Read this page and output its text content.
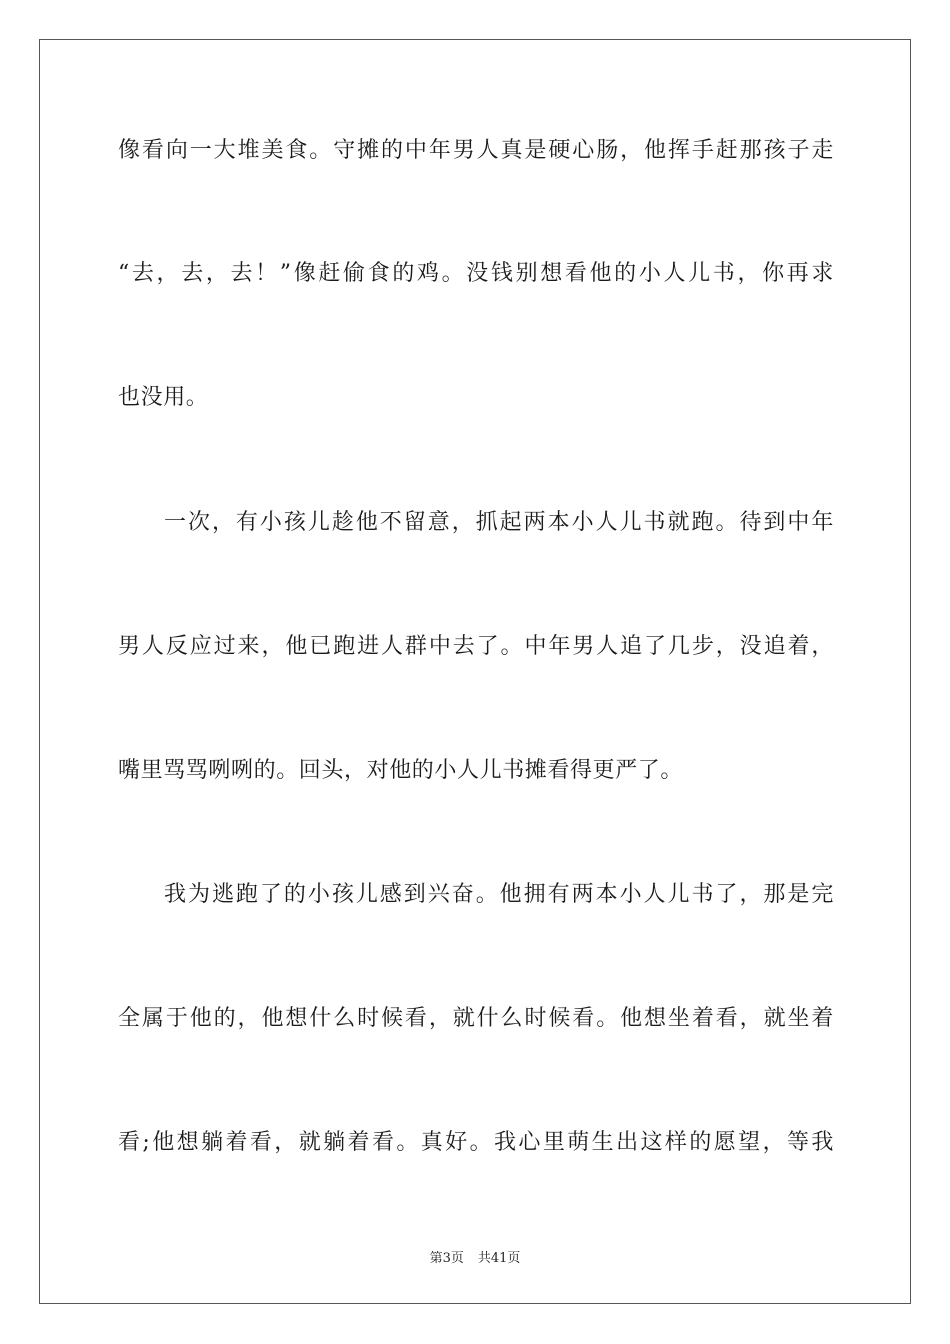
像看向一大堆美食。守摊的中年男人真是硬心肠，他挥手赶那孩子走
“去，去，去！”像赶偷食的鸡。没钱别想看他的小人儿书，你再求
也没用。
一次，有小孩儿趁他不留意，抓起两本小人儿书就跑。待到中年
男人反应过来，他已跑进人群中去了。中年男人追了几步，没追着，
嘴里骂骂咧咧的。回头，对他的小人儿书摊看得更严了。
我为逃跑了的小孩儿感到兴奋。他拥有两本小人儿书了，那是完
全属于他的，他想什么时候看，就什么时候看。他想坐着看，就坐着
看;他想躺着看，就躺着看。真好。我心里萌生出这样的愿望，等我
第3页 共41页
